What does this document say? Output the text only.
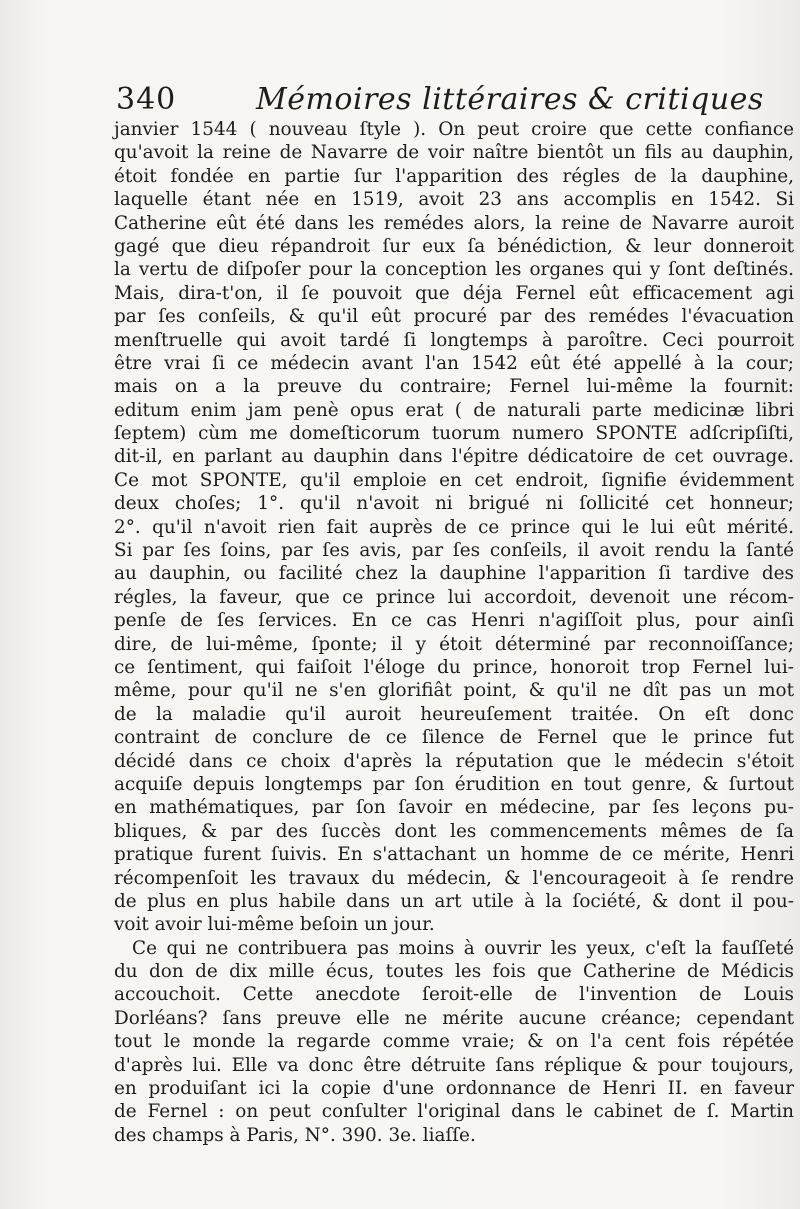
340	Mémoires littéraires & critiques
janvier 1544 ( nouveau ſtyle ). On peut croire que cette confiance
qu'avoit la reine de Navarre de voir naître bientôt un fils au dauphin,
étoit fondée en partie ſur l'apparition des régles de la dauphine,
laquelle étant née en 1519, avoit 23 ans accomplis en 1542. Si
Catherine eût été dans les remédes alors, la reine de Navarre auroit
gagé que dieu répandroit ſur eux ſa bénédiction, & leur donneroit
la vertu de diſpoſer pour la conception les organes qui y ſont deſtinés.
Mais, dira-t'on, il ſe pouvoit que déja Fernel eût efficacement agi
par ſes conſeils, & qu'il eût procuré par des remédes l'évacuation
menſtruelle qui avoit tardé ſi longtemps à paroître. Ceci pourroit
être vrai ſi ce médecin avant l'an 1542 eût été appellé à la cour;
mais on a la preuve du contraire; Fernel lui-même la fournit:
editum enim jam penè opus erat ( de naturali parte medicinæ libri
ſeptem) cùm me domeſticorum tuorum numero SPONTE adſcripſiſti,
dit-il, en parlant au dauphin dans l'épitre dédicatoire de cet ouvrage.
Ce mot SPONTE, qu'il emploie en cet endroit, ſignifie évidemment
deux choſes; 1°. qu'il n'avoit ni brigué ni ſollicité cet honneur;
2°. qu'il n'avoit rien fait auprès de ce prince qui le lui eût mérité.
Si par ſes ſoins, par ſes avis, par ſes conſeils, il avoit rendu la ſanté
au dauphin, ou facilité chez la dauphine l'apparition ſi tardive des
régles, la faveur, que ce prince lui accordoit, devenoit une récom-
penſe de ſes ſervices. En ce cas Henri n'agiſſoit plus, pour ainſi
dire, de lui-même, ſponte; il y étoit déterminé par reconnoiſſance;
ce ſentiment, qui faiſoit l'éloge du prince, honoroit trop Fernel lui-
même, pour qu'il ne s'en glorifiât point, & qu'il ne dît pas un mot
de la maladie qu'il auroit heureuſement traitée. On eſt donc
contraint de conclure de ce ſilence de Fernel que le prince fut
décidé dans ce choix d'après la réputation que le médecin s'étoit
acquiſe depuis longtemps par ſon érudition en tout genre, & ſurtout
en mathématiques, par ſon ſavoir en médecine, par ſes leçons pu-
bliques, & par des ſuccès dont les commencements mêmes de ſa
pratique furent ſuivis. En s'attachant un homme de ce mérite, Henri
récompenſoit les travaux du médecin, & l'encourageoit à ſe rendre
de plus en plus habile dans un art utile à la ſociété, & dont il pou-
voit avoir lui-même beſoin un jour.
Ce qui ne contribuera pas moins à ouvrir les yeux, c'eſt la fauſſeté
du don de dix mille écus, toutes les fois que Catherine de Médicis
accouchoit. Cette anecdote ſeroit-elle de l'invention de Louis
Dorléans? ſans preuve elle ne mérite aucune créance; cependant
tout le monde la regarde comme vraie; & on l'a cent fois répétée
d'après lui. Elle va donc être détruite ſans réplique & pour toujours,
en produiſant ici la copie d'une ordonnance de Henri II. en faveur
de Fernel : on peut conſulter l'original dans le cabinet de ſ. Martin
des champs à Paris, N°. 390. 3e. liaſſe.
